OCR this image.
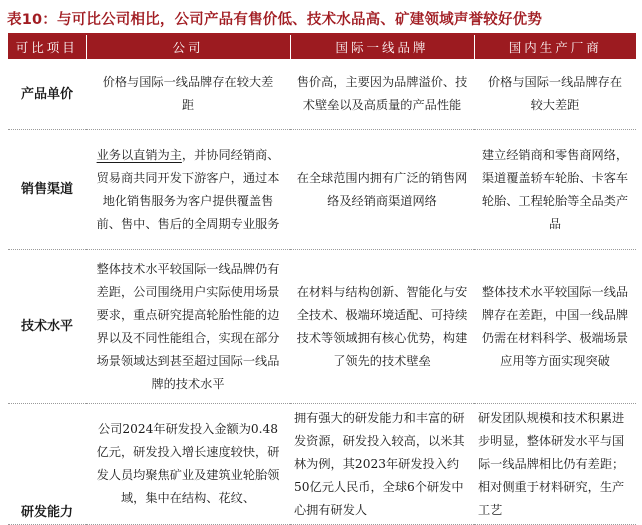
表10：与可比公司相比，公司产品有售价低、技术水品高、矿建领域声誉较好优势
可比项目	公司	国际一线品牌	国内生产厂商
产品单价	价格与国际一线品牌存在较大差距	售价高，主要因为品牌溢价、技术壁垒以及高质量的产品性能	价格与国际一线品牌存在较大差距
销售渠道	业务以直销为主，并协同经销商、贸易商共同开发下游客户，通过本地化销售服务为客户提供覆盖售前、售中、售后的全周期专业服务	在全球范围内拥有广泛的销售网络及经销商渠道网络	建立经销商和零售商网络，渠道覆盖轿车轮胎、卡客车轮胎、工程轮胎等全品类产品
技术水平	整体技术水平较国际一线品牌仍有差距，公司围绕用户实际使用场景要求，重点研究提高轮胎性能的边界以及不同性能组合，实现在部分场景领域达到甚至超过国际一线品牌的技术水平	在材料与结构创新、智能化与安全技术、极端环境适配、可持续技术等领域拥有核心优势，构建了领先的技术壁垒	整体技术水平较国际一线品牌存在差距，中国一线品牌仍需在材料科学、极端场景应用等方面实现突破
研发能力	公司2024年研发投入金额为0.48亿元，研发投入增长速度较快，研发人员均聚焦矿业及建筑业轮胎领域，集中在结构、花纹、	拥有强大的研发能力和丰富的研发资源，研发投入较高，以米其林为例，其2023年研发投入约50亿元人民币，全球6个研发中心拥有研发人	研发团队规模和技术积累进步明显，整体研发水平与国际一线品牌相比仍有差距；相对侧重于材料研究，生产工艺
